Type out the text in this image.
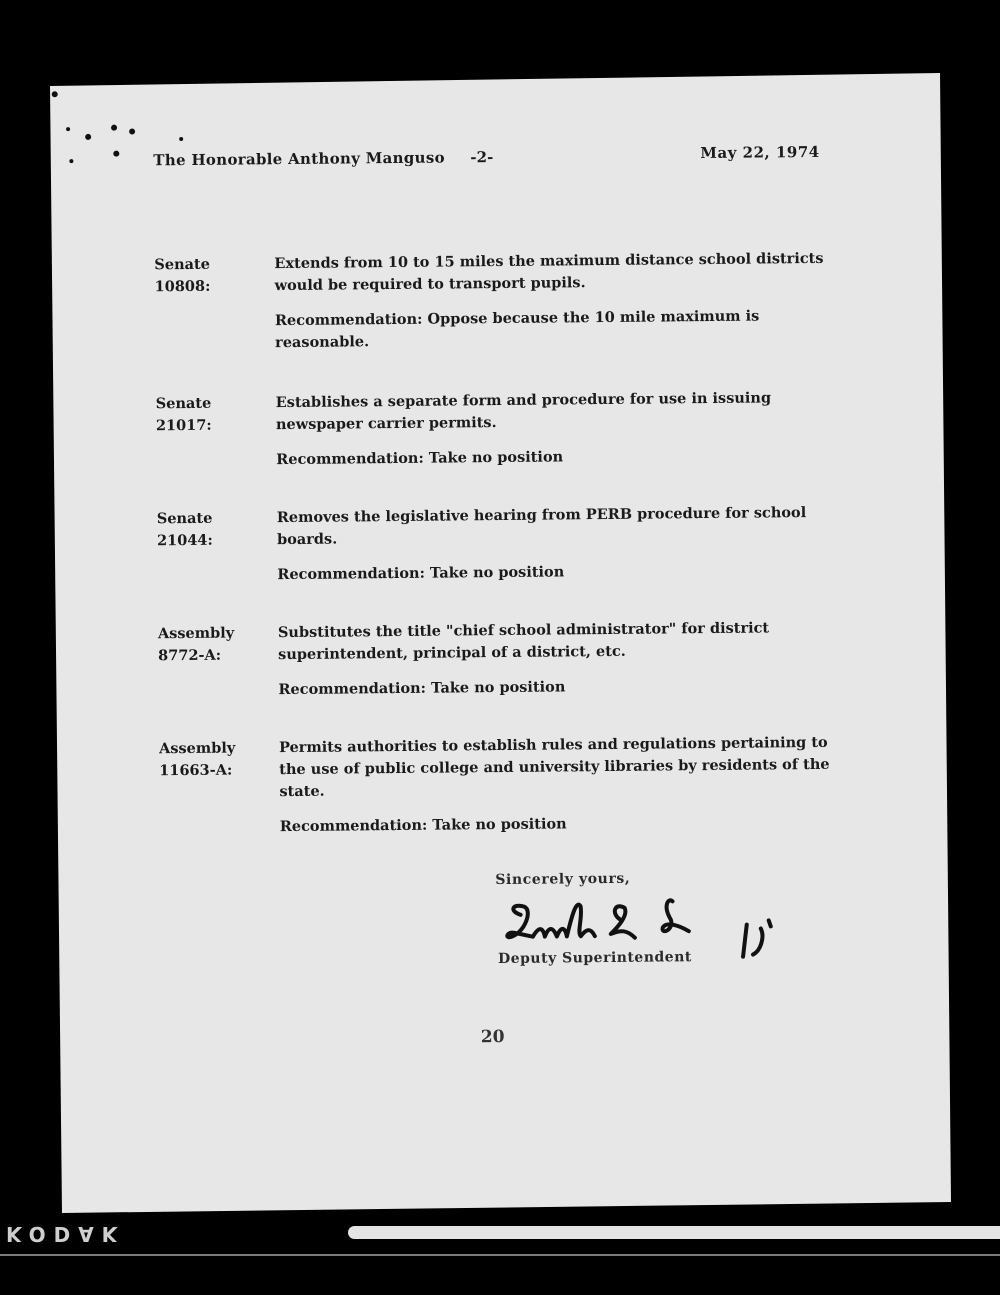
The Honorable Anthony Manguso -2-	May 22, 1974
Senate
10808:
Extends from 10 to 15 miles the maximum distance school districts would be required to transport pupils.
Recommendation: Oppose because the 10 mile maximum is reasonable.
Senate
21017:
Establishes a separate form and procedure for use in issuing newspaper carrier permits.
Recommendation: Take no position
Senate
21044:
Removes the legislative hearing from PERB procedure for school boards.
Recommendation: Take no position
Assembly
8772-A:
Substitutes the title "chief school administrator" for district superintendent, principal of a district, etc.
Recommendation: Take no position
Assembly
11663-A:
Permits authorities to establish rules and regulations pertaining to the use of public college and university libraries by residents of the state.
Recommendation: Take no position
Sincerely yours,
Deputy Superintendent
20
KODAK
